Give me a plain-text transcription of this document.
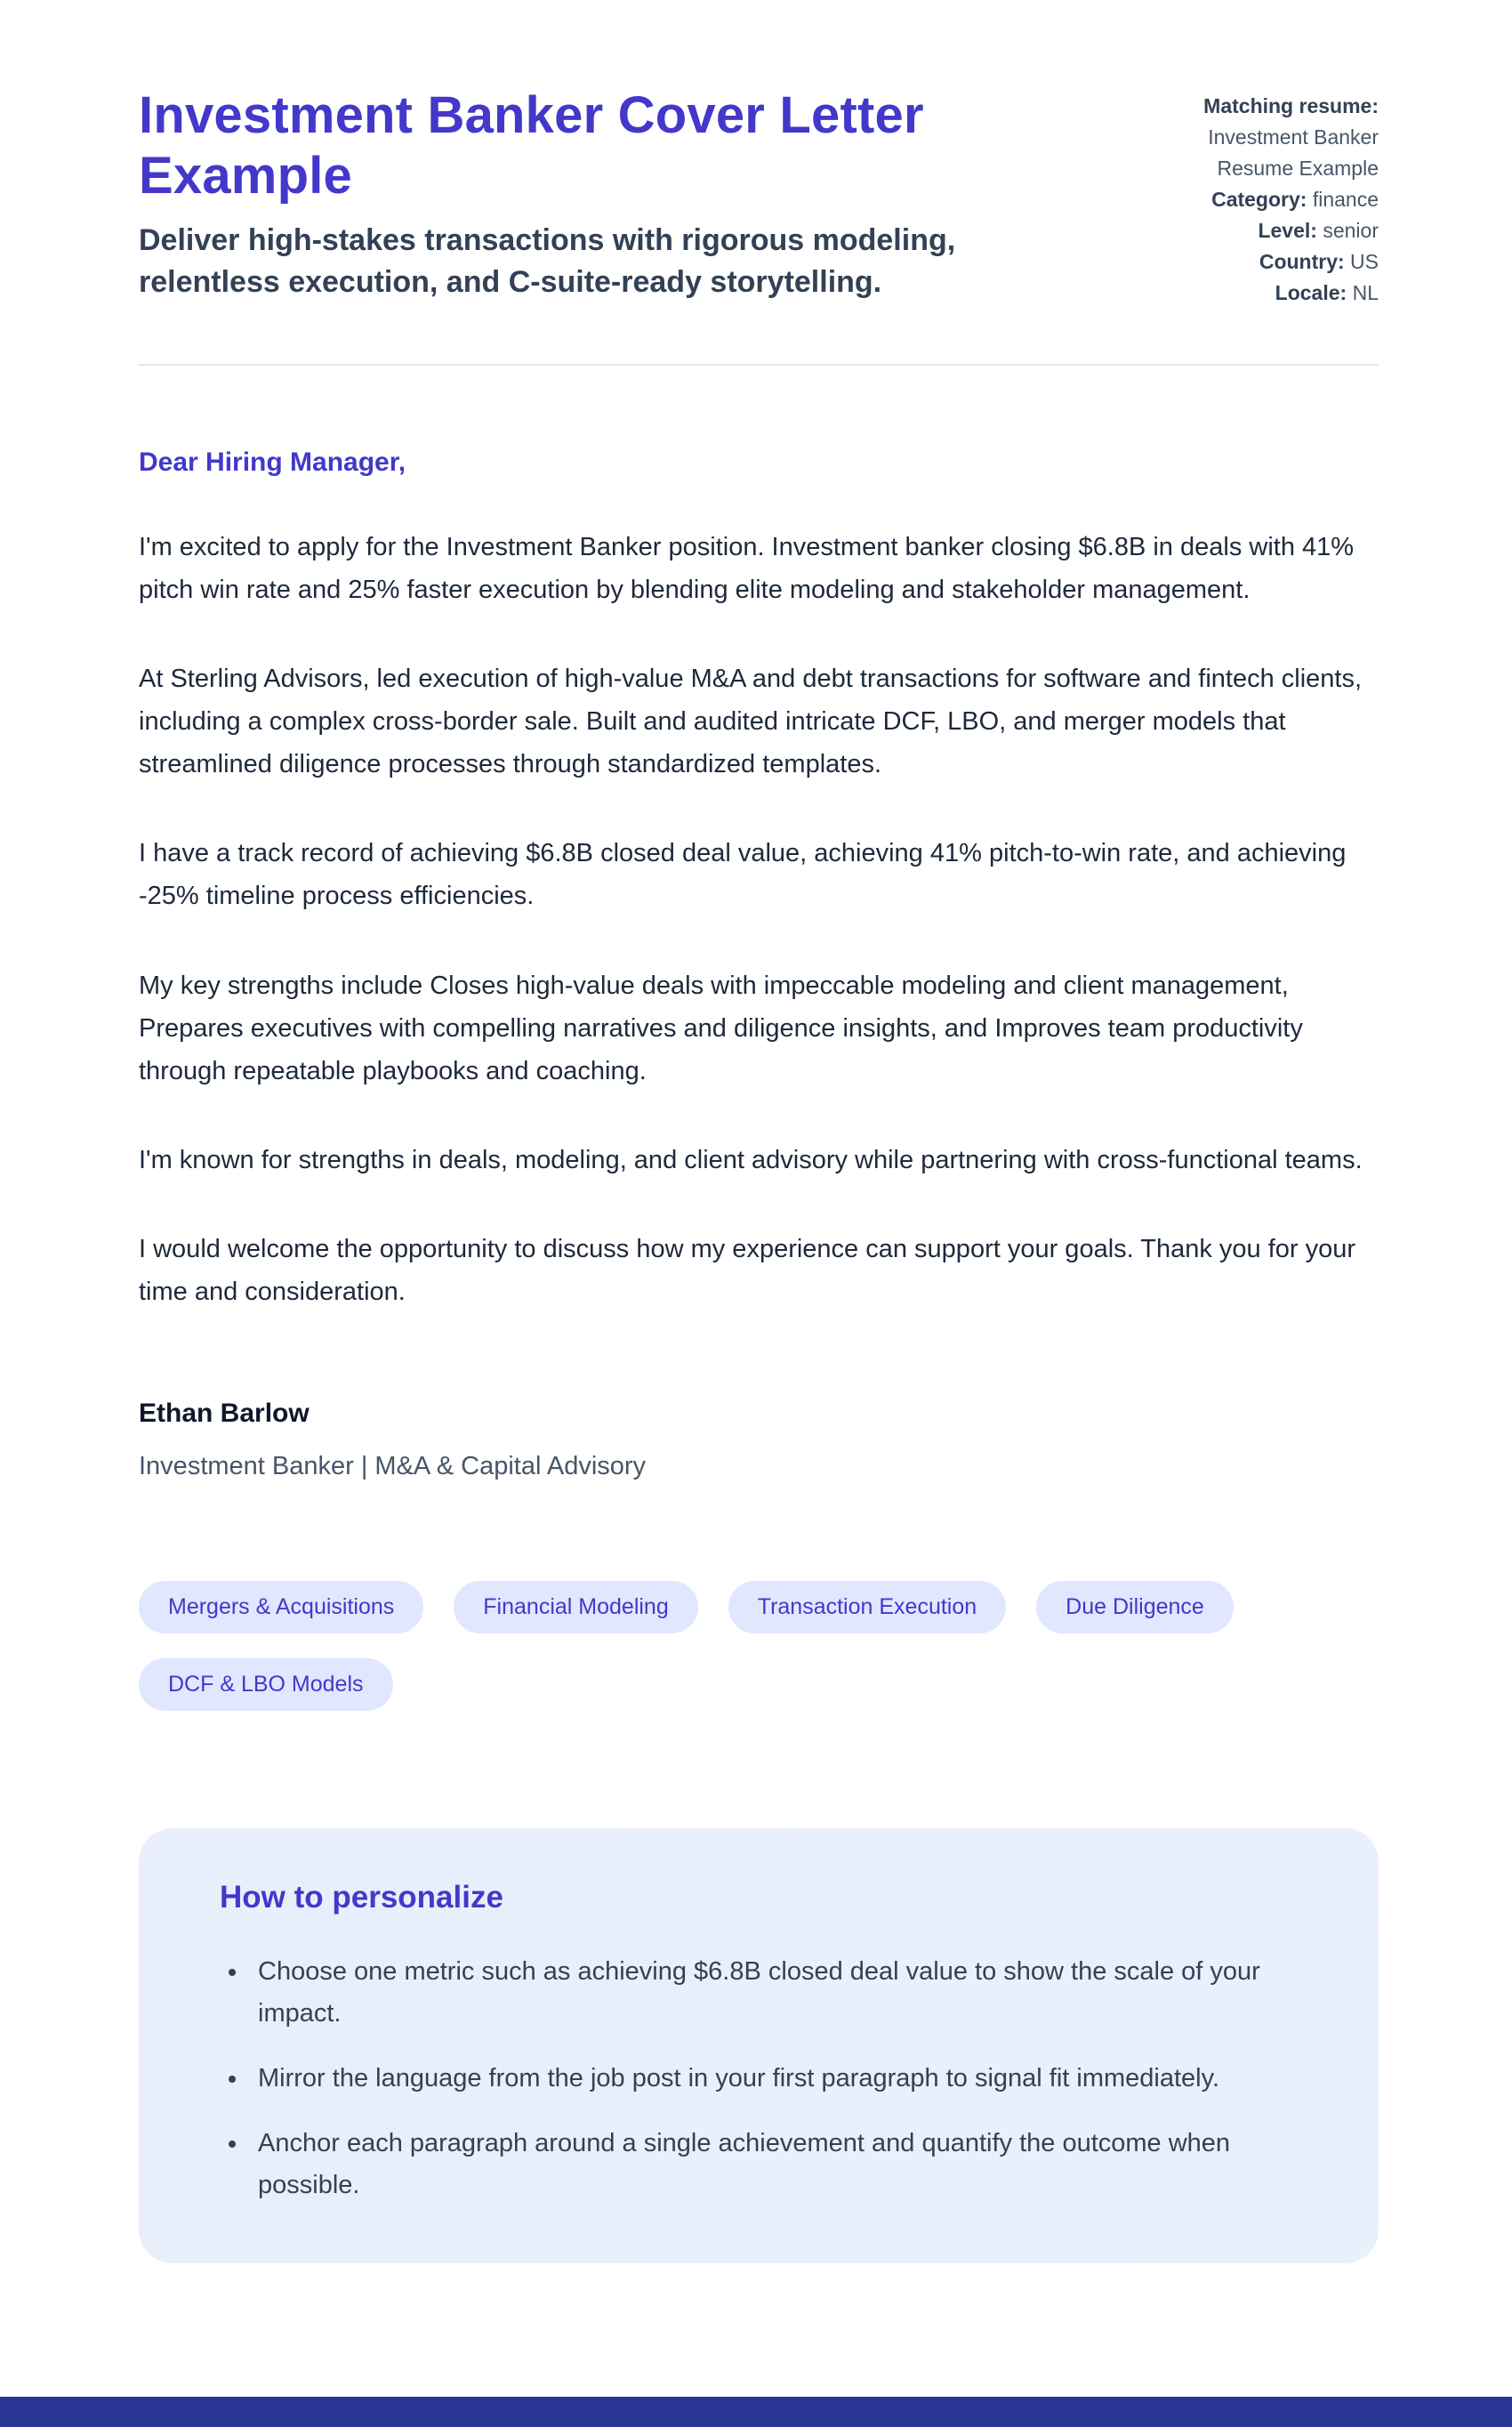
Investment Banker Cover Letter Example
Deliver high-stakes transactions with rigorous modeling, relentless execution, and C-suite-ready storytelling.
Matching resume:
Investment Banker Resume Example
Category: finance
Level: senior
Country: US
Locale: NL
Dear Hiring Manager,

I'm excited to apply for the Investment Banker position. Investment banker closing $6.8B in deals with 41% pitch win rate and 25% faster execution by blending elite modeling and stakeholder management.

At Sterling Advisors, led execution of high-value M&A and debt transactions for software and fintech clients, including a complex cross-border sale. Built and audited intricate DCF, LBO, and merger models that streamlined diligence processes through standardized templates.

I have a track record of achieving $6.8B closed deal value, achieving 41% pitch-to-win rate, and achieving -25% timeline process efficiencies.

My key strengths include Closes high-value deals with impeccable modeling and client management, Prepares executives with compelling narratives and diligence insights, and Improves team productivity through repeatable playbooks and coaching.

I'm known for strengths in deals, modeling, and client advisory while partnering with cross-functional teams.

I would welcome the opportunity to discuss how my experience can support your goals. Thank you for your time and consideration.

Ethan Barlow
Investment Banker | M&A & Capital Advisory
Mergers & Acquisitions	Financial Modeling	Transaction Execution	Due Diligence
DCF & LBO Models
How to personalize
• Choose one metric such as achieving $6.8B closed deal value to show the scale of your impact.
• Mirror the language from the job post in your first paragraph to signal fit immediately.
• Anchor each paragraph around a single achievement and quantify the outcome when possible.
